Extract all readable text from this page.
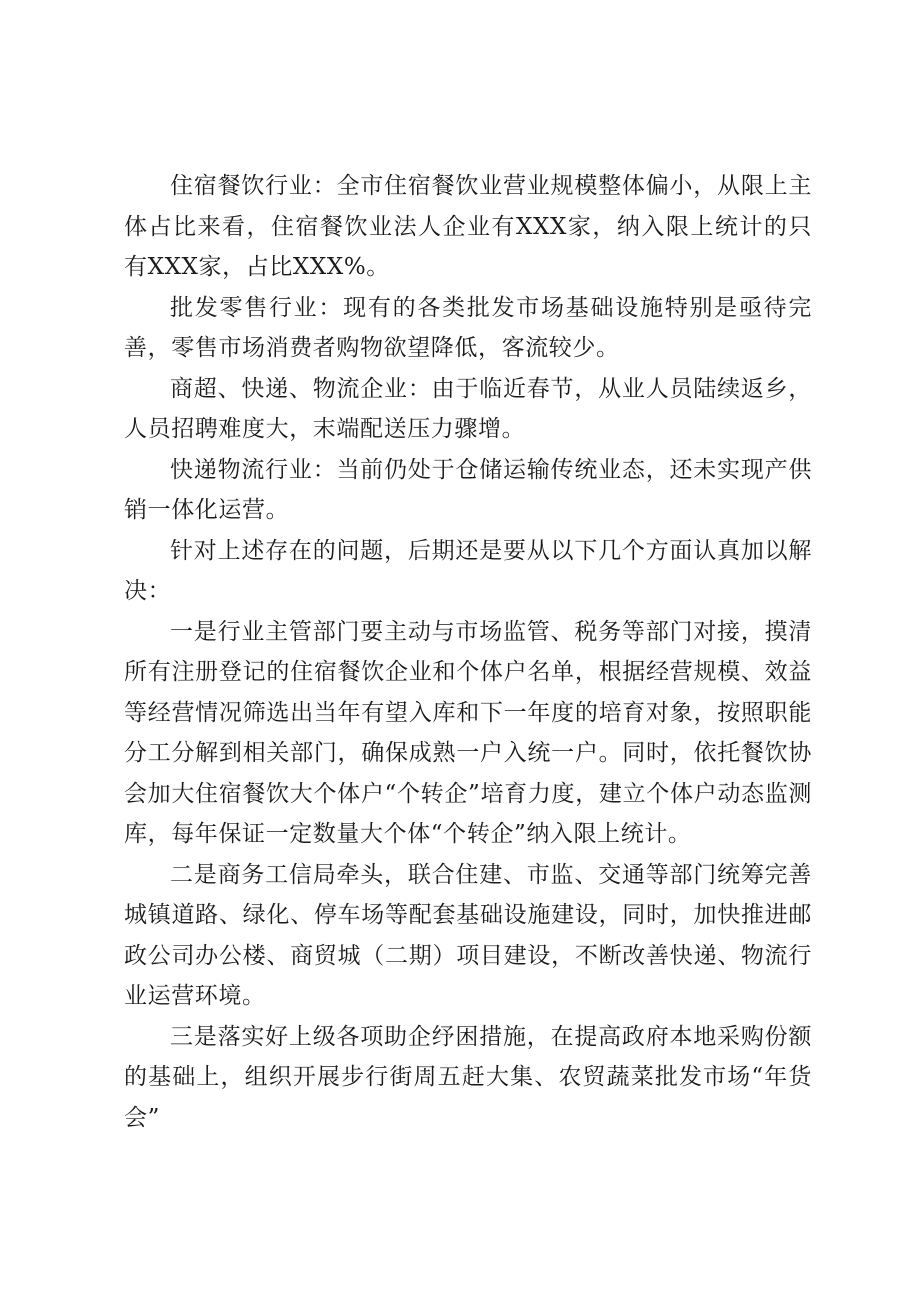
住宿餐饮行业：全市住宿餐饮业营业规模整体偏小，从限上主体占比来看，住宿餐饮业法人企业有XXX家，纳入限上统计的只有XXX家，占比XXX%。

批发零售行业：现有的各类批发市场基础设施特别是亟待完善，零售市场消费者购物欲望降低，客流较少。

商超、快递、物流企业：由于临近春节，从业人员陆续返乡，人员招聘难度大，末端配送压力骤增。

快递物流行业：当前仍处于仓储运输传统业态，还未实现产供销一体化运营。

针对上述存在的问题，后期还是要从以下几个方面认真加以解决：

一是行业主管部门要主动与市场监管、税务等部门对接，摸清所有注册登记的住宿餐饮企业和个体户名单，根据经营规模、效益等经营情况筛选出当年有望入库和下一年度的培育对象，按照职能分工分解到相关部门，确保成熟一户入统一户。同时，依托餐饮协会加大住宿餐饮大个体户“个转企”培育力度，建立个体户动态监测库，每年保证一定数量大个体“个转企”纳入限上统计。

二是商务工信局牵头，联合住建、市监、交通等部门统筹完善城镇道路、绿化、停车场等配套基础设施建设，同时，加快推进邮政公司办公楼、商贸城（二期）项目建设，不断改善快递、物流行业运营环境。

三是落实好上级各项助企纾困措施，在提高政府本地采购份额的基础上，组织开展步行街周五赶大集、农贸蔬菜批发市场“年货会”
